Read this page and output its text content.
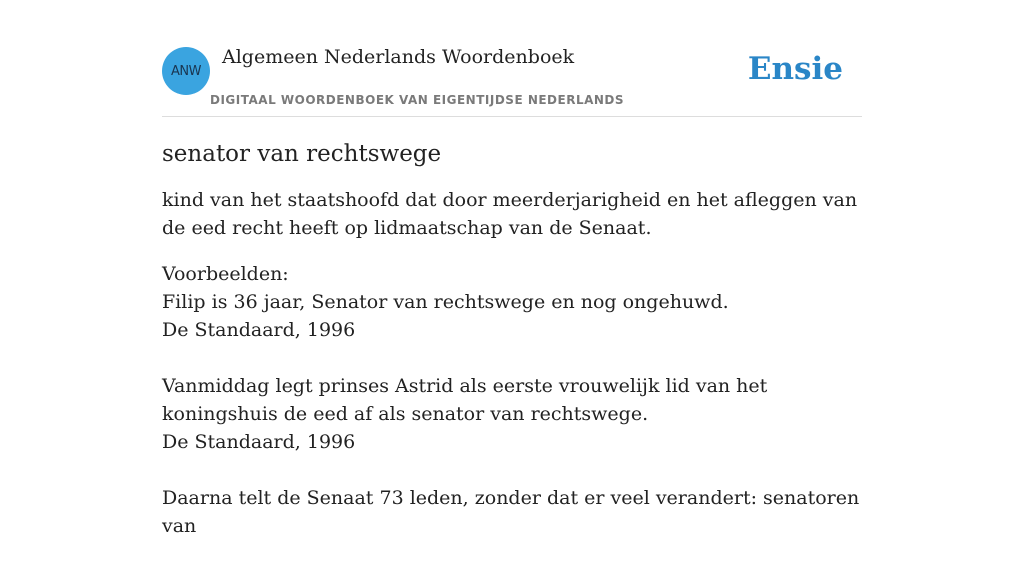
ANW
Algemeen Nederlands Woordenboek
DIGITAAL WOORDENBOEK VAN EIGENTIJDSE NEDERLANDS
Ensie
senator van rechtswege

kind van het staatshoofd dat door meerderjarigheid en het afleggen van de eed recht heeft op lidmaatschap van de Senaat.

Voorbeelden:

Filip is 36 jaar, Senator van rechtswege en nog ongehuwd.

De Standaard, 1996

Vanmiddag legt prinses Astrid als eerste vrouwelijk lid van het koningshuis de eed af als senator van rechtswege.

De Standaard, 1996

Daarna telt de Senaat 73 leden, zonder dat er veel verandert: senatoren van
